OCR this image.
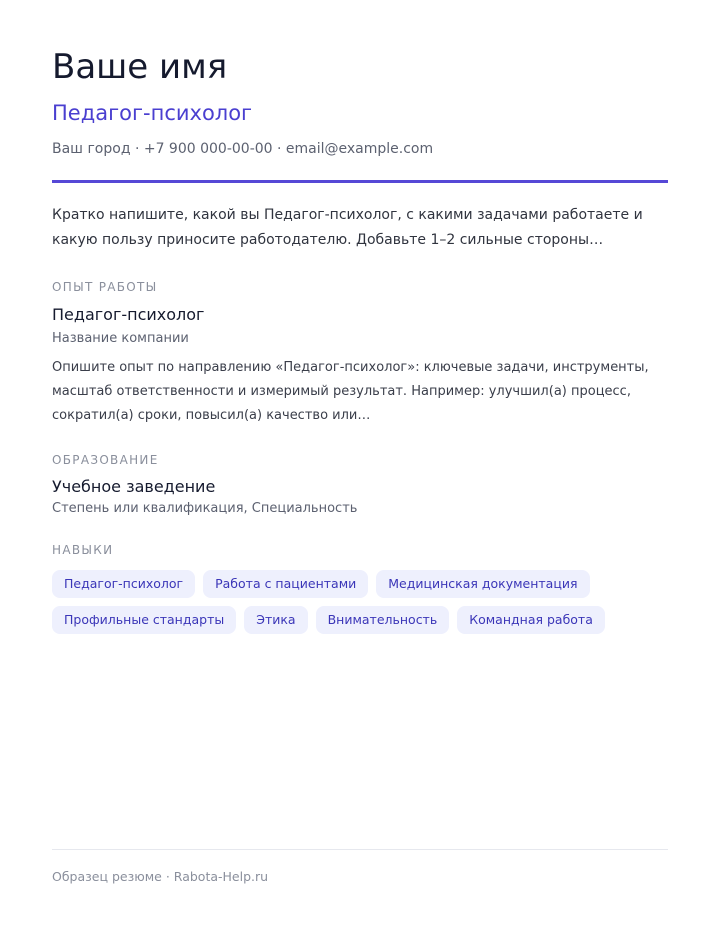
Ваше имя
Педагог-психолог
Ваш город · +7 900 000-00-00 · email@example.com
Кратко напишите, какой вы Педагог-психолог, с какими задачами работаете и какую пользу приносите работодателю. Добавьте 1–2 сильные стороны…
ОПЫТ РАБОТЫ
Педагог-психолог
Название компании
Опишите опыт по направлению «Педагог-психолог»: ключевые задачи, инструменты, масштаб ответственности и измеримый результат. Например: улучшил(а) процесс, сократил(а) сроки, повысил(а) качество или…
ОБРАЗОВАНИЕ
Учебное заведение
Степень или квалификация, Специальность
НАВЫКИ
Педагог-психолог	Работа с пациентами	Медицинская документация
Профильные стандарты	Этика	Внимательность	Командная работа
Образец резюме · Rabota-Help.ru
